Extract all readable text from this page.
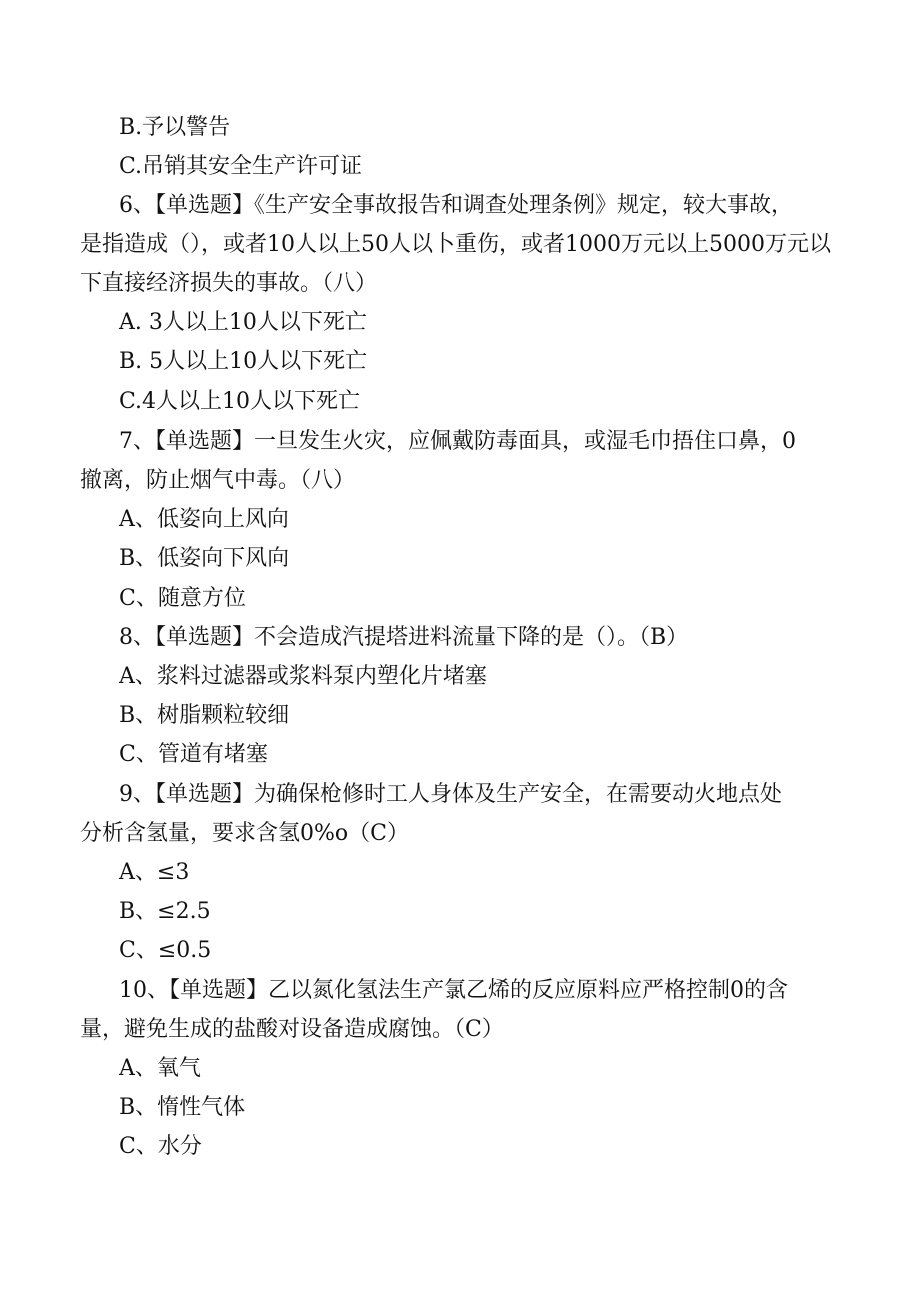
B.予以警告
C.吊销其安全生产许可证
6、【单选题】《生产安全事故报告和调查处理条例》规定，较大事故，
是指造成（），或者10人以上50人以卜重伤，或者1000万元以上5000万元以
下直接经济损失的事故。（八）
A. 3人以上10人以下死亡
B. 5人以上10人以下死亡
C.4人以上10人以下死亡
7、【单选题】一旦发生火灾，应佩戴防毒面具，或湿毛巾捂住口鼻，0
撤离，防止烟气中毒。（八）
A、低姿向上风向
B、低姿向下风向
C、随意方位
8、【单选题】不会造成汽提塔进料流量下降的是（）。（B）
A、浆料过滤器或浆料泵内塑化片堵塞
B、树脂颗粒较细
C、管道有堵塞
9、【单选题】为确保枪修时工人身体及生产安全，在需要动火地点处
分析含氢量，要求含氢0%o（C）
A、≤3
B、≤2.5
C、≤0.5
10、【单选题】乙以氮化氢法生产氯乙烯的反应原料应严格控制0的含
量，避免生成的盐酸对设备造成腐蚀。（C）
A、氧气
B、惰性气体
C、水分
